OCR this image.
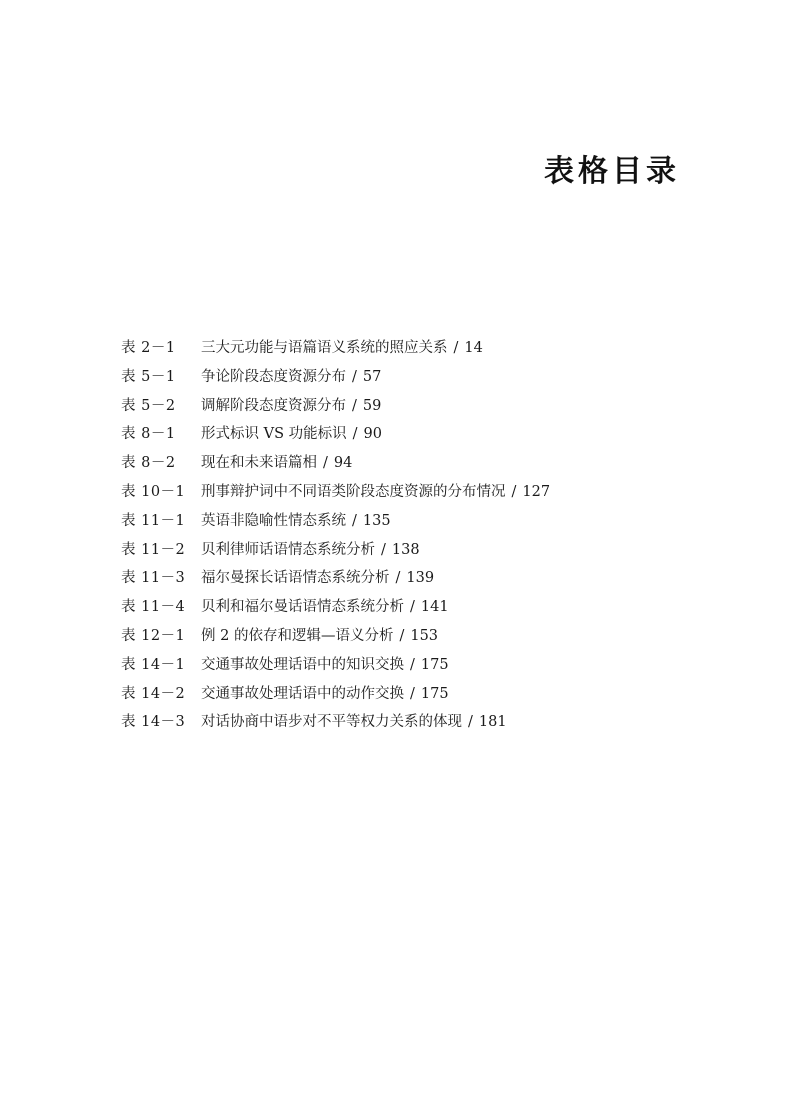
表格目录
表 2－1	三大元功能与语篇语义系统的照应关系 / 14
表 5－1	争论阶段态度资源分布 / 57
表 5－2	调解阶段态度资源分布 / 59
表 8－1	形式标识 VS 功能标识 / 90
表 8－2	现在和未来语篇相 / 94
表 10－1	刑事辩护词中不同语类阶段态度资源的分布情况 / 127
表 11－1	英语非隐喻性情态系统 / 135
表 11－2	贝利律师话语情态系统分析 / 138
表 11－3	福尔曼探长话语情态系统分析 / 139
表 11－4	贝利和福尔曼话语情态系统分析 / 141
表 12－1	例 2 的依存和逻辑—语义分析 / 153
表 14－1	交通事故处理话语中的知识交换 / 175
表 14－2	交通事故处理话语中的动作交换 / 175
表 14－3	对话协商中语步对不平等权力关系的体现 / 181
